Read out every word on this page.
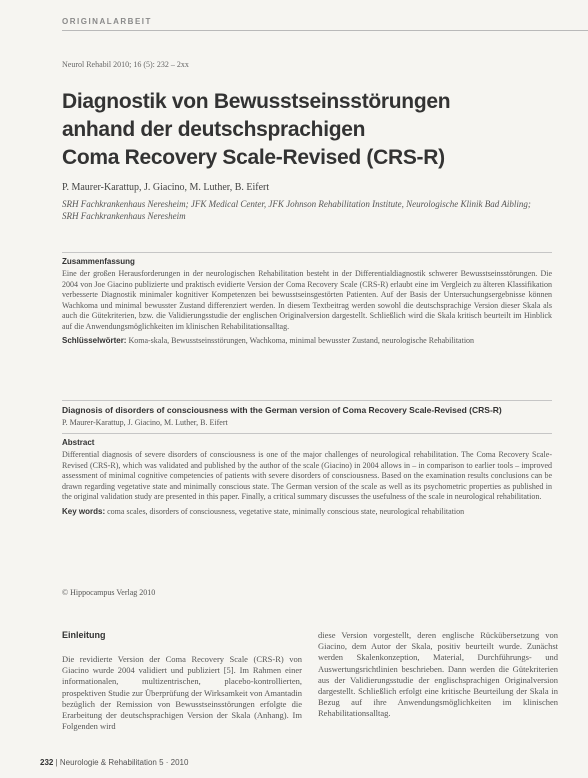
ORIGINALARBEIT
Neurol Rehabil 2010; 16 (5): 232 – 2xx
Diagnostik von Bewusstseinsstörungen
anhand der deutschsprachigen
Coma Recovery Scale-Revised (CRS-R)
P. Maurer-Karattup, J. Giacino, M. Luther, B. Eifert
SRH Fachkrankenhaus Neresheim; JFK Medical Center, JFK Johnson Rehabilitation Institute, Neurologische Klinik Bad Aibling; SRH Fachkrankenhaus Neresheim
Zusammenfassung
Eine der großen Herausforderungen in der neurologischen Rehabilitation besteht in der Differentialdiagnostik schwerer Bewusstseinsstörungen. Die 2004 von Joe Giacino publizierte und praktisch evidierte Version der Coma Recovery Scale (CRS-R) erlaubt eine im Vergleich zu älteren Klassifikation verbesserte Diagnostik minimaler kognitiver Kompetenzen bei bewusstseinsgestörten Patienten. Auf der Basis der Untersuchungsergebnisse können Wachkoma und minimal bewusster Zustand differenziert werden. In diesem Textbeitrag werden sowohl die deutschsprachige Version dieser Skala als auch die Gütekriterien, bzw. die Validierungsstudie der englischen Originalversion dargestellt. Schließlich wird die Skala kritisch beurteilt im Hinblick auf die Anwendungsmöglichkeiten im klinischen Rehabilitationsalltag.
Schlüsselwörter: Koma-skala, Bewusstseinsstörungen, Wachkoma, minimal bewusster Zustand, neurologische Rehabilitation
Diagnosis of disorders of consciousness with the German version of Coma Recovery Scale-Revised (CRS-R)
P. Maurer-Karattup, J. Giacino, M. Luther, B. Eifert
Abstract
Differential diagnosis of severe disorders of consciousness is one of the major challenges of neurological rehabilitation. The Coma Recovery Scale-Revised (CRS-R), which was validated and published by the author of the scale (Giacino) in 2004 allows in – in comparison to earlier tools – improved assessment of minimal cognitive competencies of patients with severe disorders of consciousness. Based on the examination results conclusions can be drawn regarding vegetative state and minimally conscious state. The German version of the scale as well as its psychometric properties as published in the original validation study are presented in this paper. Finally, a critical summary discusses the usefulness of the scale in neurological rehabilitation.
Key words: coma scales, disorders of consciousness, vegetative state, minimally conscious state, neurological rehabilitation
© Hippocampus Verlag 2010
Einleitung
Die revidierte Version der Coma Recovery Scale (CRS-R) von Giacino wurde 2004 validiert und publiziert [5]. Im Rahmen einer informationalen, multizentrischen, placebo-kontrollierten, prospektiven Studie zur Überprüfung der Wirksamkeit von Amantadin bezüglich der Remission von Bewusstseinsstörungen erfolgte die Erarbeitung der deutschsprachigen Version der Skala (Anhang). Im Folgenden wird
diese Version vorgestellt, deren englische Rückübersetzung von Giacino, dem Autor der Skala, positiv beurteilt wurde. Zunächst werden Skalenkonzeption, Material, Durchführungs- und Auswertungsrichtlinien beschrieben. Dann werden die Gütekriterien aus der Validierungsstudie der englischsprachigen Originalversion dargestellt. Schließlich erfolgt eine kritische Beurteilung der Skala in Bezug auf ihre Anwendungsmöglichkeiten im klinischen Rehabilitationsalltag.
232 | Neurologie & Rehabilitation 5 · 2010
